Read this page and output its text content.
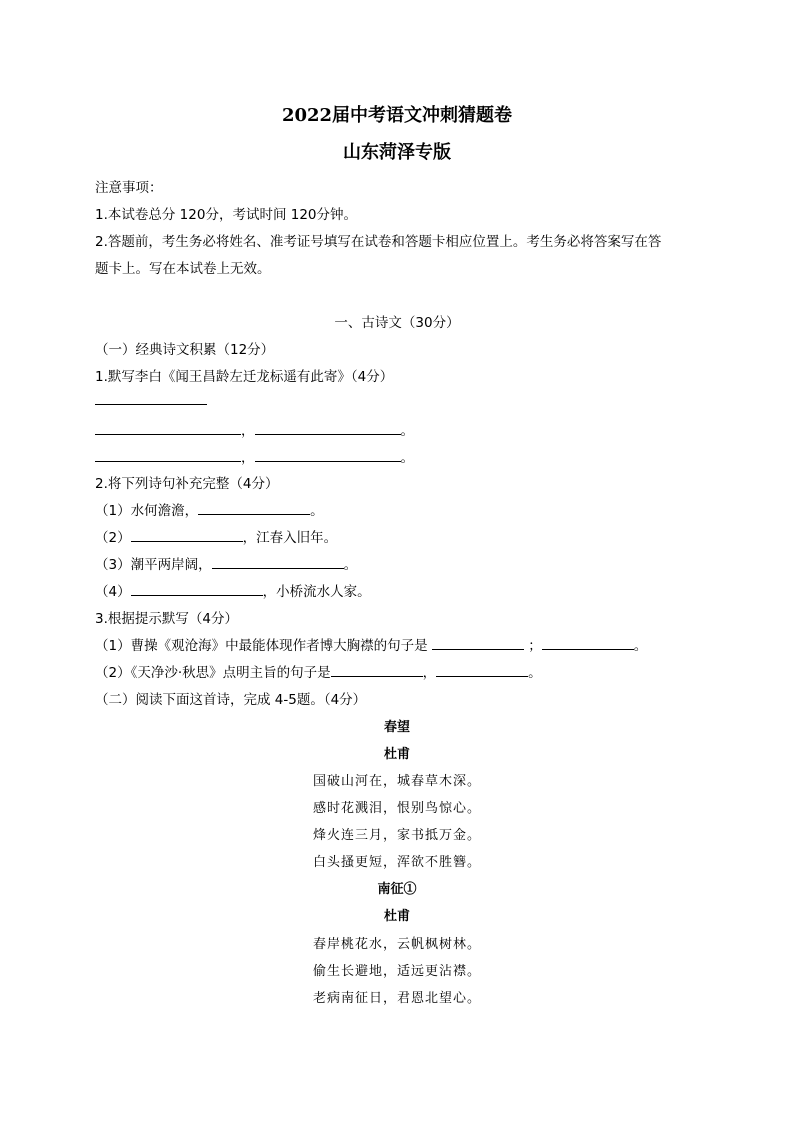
2022届中考语文冲刺猜题卷
山东菏泽专版
注意事项：
1.本试卷总分 120分，考试时间 120分钟。
2.答题前，考生务必将姓名、准考证号填写在试卷和答题卡相应位置上。考生务必将答案写在答
题卡上。写在本试卷上无效。
一、古诗文（30分）
（一）经典诗文积累（12分）
1.默写李白《闻王昌龄左迁龙标遥有此寄》（4分）
，	。
，	。
2.将下列诗句补充完整（4分）
（1）水何澹澹，	。
（2）	，江春入旧年。
（3）潮平两岸阔，	。
（4）	，小桥流水人家。
3.根据提示默写（4分）
（1）曹操《观沧海》中最能体现作者博大胸襟的句子是	；	。
（2）《天净沙·秋思》点明主旨的句子是	，	。
（二）阅读下面这首诗，完成 4-5题。（4分）
春望
杜甫
国破山河在，城春草木深。
感时花溅泪，恨别鸟惊心。
烽火连三月，家书抵万金。
白头搔更短，浑欲不胜簪。
南征①
杜甫
春岸桃花水，云帆枫树林。
偷生长避地，适远更沾襟。
老病南征日，君恩北望心。
